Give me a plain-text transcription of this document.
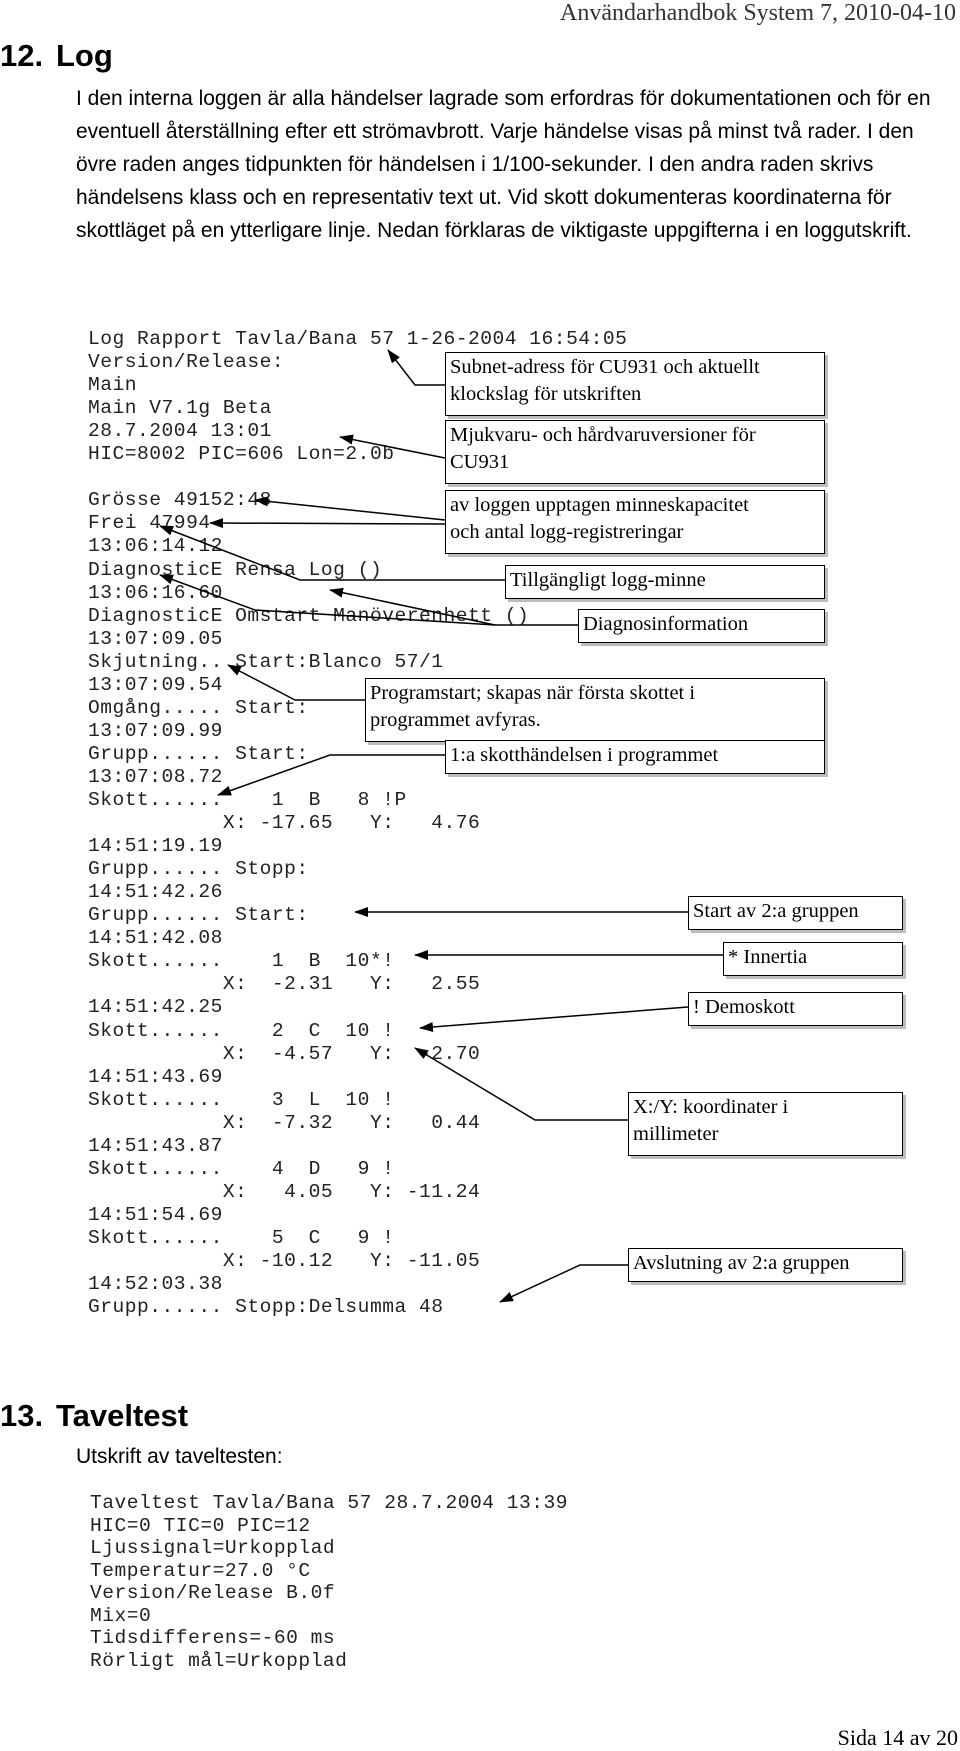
Användarhandbok System 7, 2010-04-10
12. Log
I den interna loggen är alla händelser lagrade som erfordras för dokumentationen och för en eventuell återställning efter ett strömavbrott. Varje händelse visas på minst två rader. I den övre raden anges tidpunkten för händelsen i 1/100-sekunder. I den andra raden skrivs händelsens klass och en representativ text ut. Vid skott dokumenteras koordinaterna för skottläget på en ytterligare linje. Nedan förklaras de viktigaste uppgifterna i en loggutskrift.
Log Rapport Tavla/Bana 57 1-26-2004 16:54:05
Version/Release:
Main
Main V7.1g Beta
28.7.2004 13:01
HIC=8002 PIC=606 Lon=2.0b
Grösse 49152:48
Frei 47994
13:06:14.12
DiagnosticE Rensa Log ()
13:06:16.60
DiagnosticE Omstart Manöverenhett ()
13:07:09.05
Skjutning.. Start:Blanco 57/1
13:07:09.54
Omgång..... Start:
13:07:09.99
Grupp...... Start:
13:07:08.72
Skott......    1  B   8 !P
X: -17.65   Y:   4.76
14:51:19.19
Grupp...... Stopp:
14:51:42.26
Grupp...... Start:
14:51:42.08
Skott......    1  B  10*!
X:  -2.31   Y:   2.55
14:51:42.25
Skott......    2  C  10 !
X:  -4.57   Y:  -2.70
14:51:43.69
Skott......    3  L  10 !
X:  -7.32   Y:   0.44
14:51:43.87
Skott......    4  D   9 !
X:   4.05   Y: -11.24
14:51:54.69
Skott......    5  C   9 !
X: -10.12   Y: -11.05
14:52:03.38
Grupp...... Stopp:Delsumma 48
Subnet-adress för CU931 och aktuellt
klockslag för utskriften
Mjukvaru- och hårdvaruversioner för
CU931
av loggen upptagen minneskapacitet
och antal logg-registreringar
Tillgängligt logg-minne
Diagnosinformation
Programstart; skapas när första skottet i
programmet avfyras.
1:a skotthändelsen i programmet
Start av 2:a gruppen
* Innertia
! Demoskott
X:/Y: koordinater i
millimeter
Avslutning av 2:a gruppen
13. Taveltest
Utskrift av taveltesten:
Taveltest Tavla/Bana 57 28.7.2004 13:39
HIC=0 TIC=0 PIC=12
Ljussignal=Urkopplad
Temperatur=27.0 °C
Version/Release B.0f
Mix=0
Tidsdifferens=-60 ms
Rörligt mål=Urkopplad
Sida 14 av 20
